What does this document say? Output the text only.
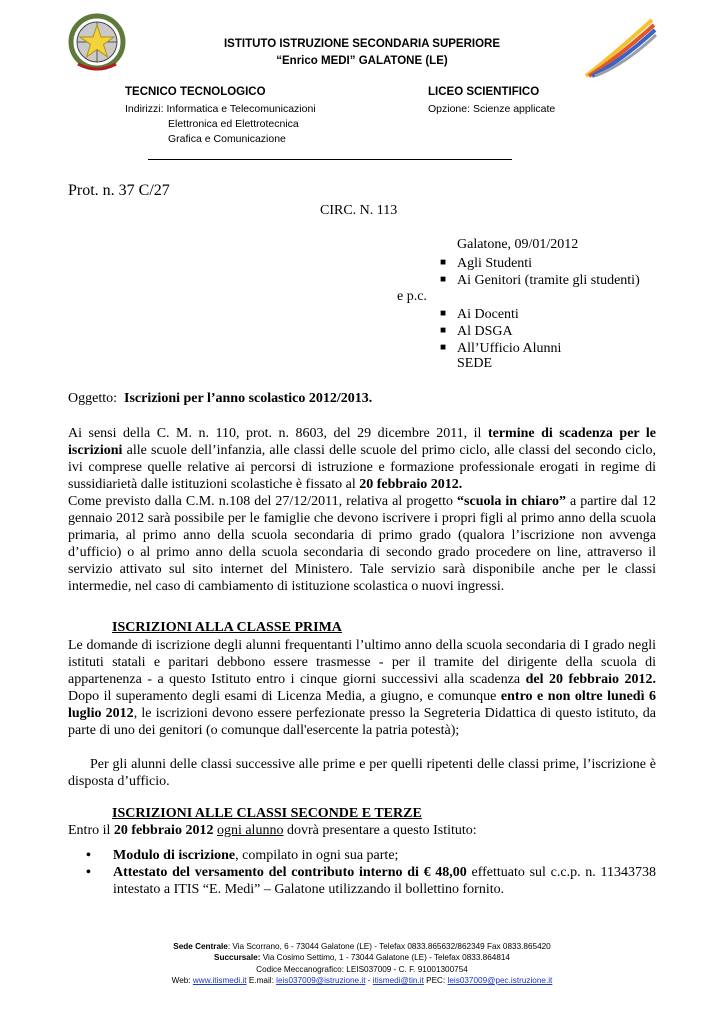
ISTITUTO ISTRUZIONE SECONDARIA SUPERIORE
“Enrico MEDI” GALATONE (LE)
TECNICO TECNOLOGICO
Indirizzi: Informatica e Telecomunicazioni
Elettronica ed Elettrotecnica
Grafica e Comunicazione
LICEO SCIENTIFICO
Opzione: Scienze applicate
Prot. n. 37 C/27
CIRC. N. 113
Galatone, 09/01/2012
■ Agli Studenti
■ Ai Genitori (tramite gli studenti)
e p.c.
■ Ai Docenti
■ Al DSGA
■ All’Ufficio Alunni
SEDE
Oggetto: Iscrizioni per l’anno scolastico 2012/2013.
Ai sensi della C. M. n. 110, prot. n. 8603, del 29 dicembre 2011, il termine di scadenza per le iscrizioni alle scuole dell’infanzia, alle classi delle scuole del primo ciclo, alle classi del secondo ciclo, ivi comprese quelle relative ai percorsi di istruzione e formazione professionale erogati in regime di sussidiarietà dalle istituzioni scolastiche è fissato al 20 febbraio 2012.
Come previsto dalla C.M. n.108 del 27/12/2011, relativa al progetto “scuola in chiaro” a partire dal 12 gennaio 2012 sarà possibile per le famiglie che devono iscrivere i propri figli al primo anno della scuola primaria, al primo anno della scuola secondaria di primo grado (qualora l’iscrizione non avvenga d’ufficio) o al primo anno della scuola secondaria di secondo grado procedere on line, attraverso il servizio attivato sul sito internet del Ministero. Tale servizio sarà disponibile anche per le classi intermedie, nel caso di cambiamento di istituzione scolastica o nuovi ingressi.
ISCRIZIONI ALLA CLASSE PRIMA
Le domande di iscrizione degli alunni frequentanti l’ultimo anno della scuola secondaria di I grado negli istituti statali e paritari debbono essere trasmesse - per il tramite del dirigente della scuola di appartenenza - a questo Istituto entro i cinque giorni successivi alla scadenza del 20 febbraio 2012. Dopo il superamento degli esami di Licenza Media, a giugno, e comunque entro e non oltre lunedì 6 luglio 2012, le iscrizioni devono essere perfezionate presso la Segreteria Didattica di questo istituto, da parte di uno dei genitori (o comunque dall'esercente la patria potestà);
Per gli alunni delle classi successive alle prime e per quelli ripetenti delle classi prime, l’iscrizione è disposta d’ufficio.
ISCRIZIONI ALLE CLASSI SECONDE E TERZE
Entro il 20 febbraio 2012 ogni alunno dovrà presentare a questo Istituto:
• Modulo di iscrizione, compilato in ogni sua parte;
• Attestato del versamento del contributo interno di € 48,00 effettuato sul c.c.p. n. 11343738 intestato a ITIS “E. Medi” – Galatone utilizzando il bollettino fornito.
Sede Centrale: Via Scorrano, 6 - 73044 Galatone (LE) - Telefax 0833.865632/862349 Fax 0833.865420
Succursale: Via Cosimo Settimo, 1 - 73044 Galatone (LE) - Telefax 0833.864814
Codice Meccanografico: LEIS037009 - C. F. 91001300754
Web: www.itismedi.it E.mail: leis037009@istruzione.it - itismedi@tin.it PEC: leis037009@pec.istruzione.it
